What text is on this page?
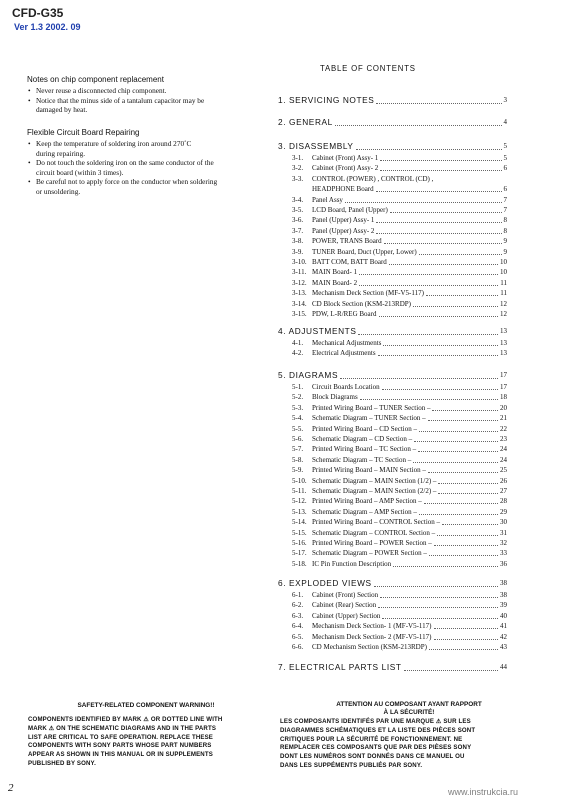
CFD-G35
Ver 1.3 2002. 09
Notes on chip component replacement
• Never reuse a disconnected chip component.
• Notice that the minus side of a tantalum capacitor may be
damaged by heat.
Flexible Circuit Board Repairing
• Keep the temperature of soldering iron around 270˚C
during repairing.
• Do not touch the soldering iron on the same conductor of the
circuit board (within 3 times).
• Be careful not to apply force on the conductor when soldering
or unsoldering.
TABLE OF CONTENTS
1. SERVICING NOTES	3
2. GENERAL	4
3. DISASSEMBLY	5
3-1. Cabinet (Front) Assy- 1	5
3-2. Cabinet (Front) Assy- 2	6
3-3. CONTROL (POWER) , CONTROL (CD) ,
HEADPHONE Board	6
3-4. Panel Assy	7
3-5. LCD Board, Panel (Upper)	7
3-6. Panel (Upper) Assy- 1	8
3-7. Panel (Upper) Assy- 2	8
3-8. POWER, TRANS Board	9
3-9. TUNER Board, Duct (Upper, Lower)	9
3-10. BATT COM, BATT Board	10
3-11. MAIN Board- 1	10
3-12. MAIN Board- 2	11
3-13. Mechanism Deck Section (MF-V5-117)	11
3-14. CD Block Section (KSM-213RDP)	12
3-15. PDW, L-R/REG Board	12
4. ADJUSTMENTS	13
4-1. Mechanical Adjustments	13
4-2. Electrical Adjustments	13
5. DIAGRAMS	17
5-1. Circuit Boards Location	17
5-2. Block Diagrams	18
5-3. Printed Wiring Board – TUNER Section –	20
5-4. Schematic Diagram – TUNER Section –	21
5-5. Printed Wiring Board – CD Section –	22
5-6. Schematic Diagram – CD Section –	23
5-7. Printed Wiring Board – TC Section –	24
5-8. Schematic Diagram – TC Section –	24
5-9. Printed Wiring Board – MAIN Section –	25
5-10. Schematic Diagram – MAIN Section (1/2) –	26
5-11. Schematic Diagram – MAIN Section (2/2) –	27
5-12. Printed Wiring Board – AMP Section –	28
5-13. Schematic Diagram – AMP Section –	29
5-14. Printed Wiring Board – CONTROL Section –	30
5-15. Schematic Diagram – CONTROL Section –	31
5-16. Printed Wiring Board – POWER Section –	32
5-17. Schematic Diagram – POWER Section –	33
5-18. IC Pin Function Description	36
6. EXPLODED VIEWS	38
6-1. Cabinet (Front) Section	38
6-2. Cabinet (Rear) Section	39
6-3. Cabinet (Upper) Section	40
6-4. Mechanism Deck Section- 1 (MF-V5-117)	41
6-5. Mechanism Deck Section- 2 (MF-V5-117)	42
6-6. CD Mechanism Section (KSM-213RDP)	43
7. ELECTRICAL PARTS LIST	44
SAFETY-RELATED COMPONENT WARNING!!
COMPONENTS IDENTIFIED BY MARK ⚠ OR DOTTED LINE WITH
MARK ⚠ ON THE SCHEMATIC DIAGRAMS AND IN THE PARTS
LIST ARE CRITICAL TO SAFE OPERATION. REPLACE THESE
COMPONENTS WITH SONY PARTS WHOSE PART NUMBERS
APPEAR AS SHOWN IN THIS MANUAL OR IN SUPPLEMENTS
PUBLISHED BY SONY.
ATTENTION AU COMPOSANT AYANT RAPPORT
À LA SÉCURITÉ!
LES COMPOSANTS IDENTIFÉS PAR UNE MARQUE ⚠ SUR LES
DIAGRAMMES SCHÉMATIQUES ET LA LISTE DES PIÈCES SONT
CRITIQUES POUR LA SÉCURITÉ DE FONCTIONNEMENT. NE
REMPLACER CES COMPOSANTS QUE PAR DES PIÈSES SONY
DONT LES NUMÉROS SONT DONNÉS DANS CE MANUEL OU
DANS LES SUPPÉMENTS PUBLIÉS PAR SONY.
2	www.instrukcia.ru
